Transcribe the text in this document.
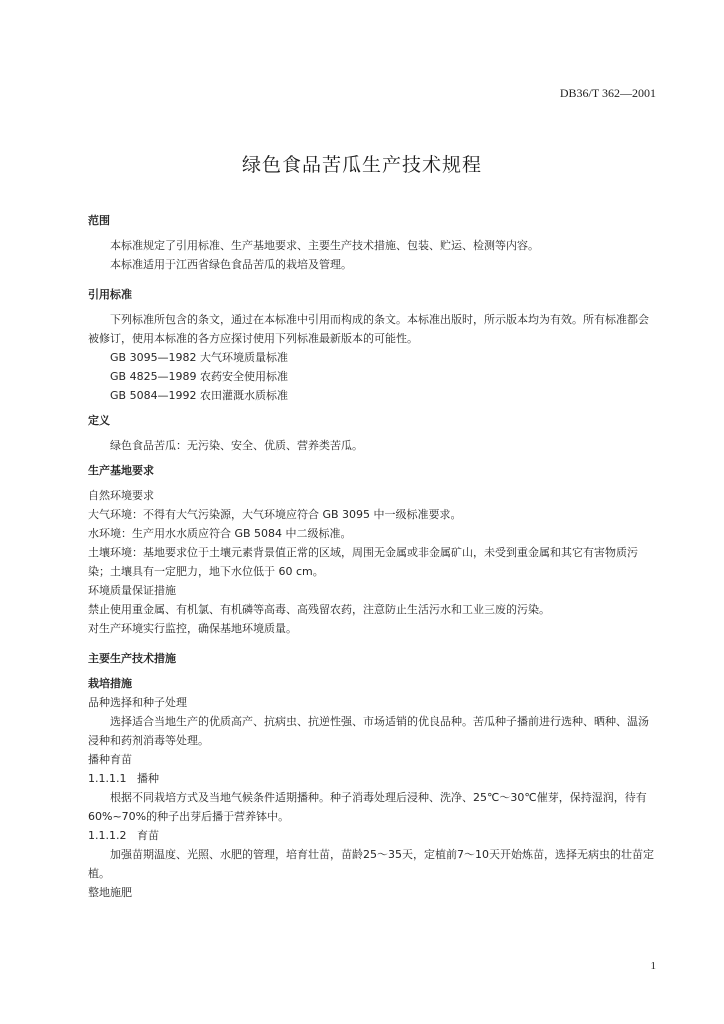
DB36/T 362—2001
绿色食品苦瓜生产技术规程

范围

本标准规定了引用标准、生产基地要求、主要生产技术措施、包装、贮运、检测等内容。

本标准适用于江西省绿色食品苦瓜的栽培及管理。

引用标准

下列标准所包含的条文，通过在本标准中引用而构成的条文。本标准出版时，所示版本均为有效。所有标准都会被修订，使用本标准的各方应探讨使用下列标准最新版本的可能性。

GB 3095—1982 大气环境质量标准

GB 4825—1989 农药安全使用标准

GB 5084—1992 农田灌溉水质标准

定义

绿色食品苦瓜：无污染、安全、优质、营养类苦瓜。

生产基地要求

自然环境要求

大气环境：不得有大气污染源，大气环境应符合 GB 3095 中一级标准要求。

水环境：生产用水水质应符合 GB 5084 中二级标准。

土壤环境：基地要求位于土壤元素背景值正常的区域，周围无金属或非金属矿山，未受到重金属和其它有害物质污染；土壤具有一定肥力，地下水位低于 60 cm。

环境质量保证措施

禁止使用重金属、有机氯、有机磷等高毒、高残留农药，注意防止生活污水和工业三废的污染。

对生产环境实行监控，确保基地环境质量。

主要生产技术措施

栽培措施

品种选择和种子处理

选择适合当地生产的优质高产、抗病虫、抗逆性强、市场适销的优良品种。苦瓜种子播前进行选种、晒种、温汤浸种和药剂消毒等处理。

播种育苗

1.1.1.1 播种

根据不同栽培方式及当地气候条件适期播种。种子消毒处理后浸种、洗净、25℃～30℃催芽，保持湿润，待有60%~70%的种子出芽后播于营养钵中。

1.1.1.2 育苗

加强苗期温度、光照、水肥的管理，培育壮苗，苗龄25～35天，定植前7～10天开始炼苗，选择无病虫的壮苗定植。

整地施肥

1
